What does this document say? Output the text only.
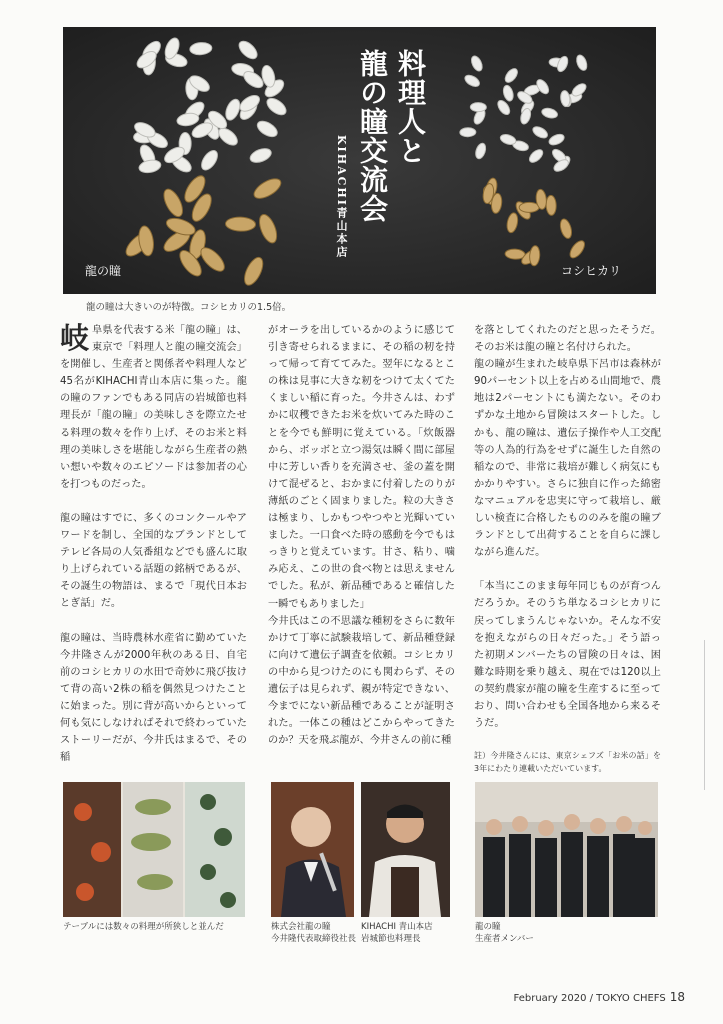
料理人と
龍の瞳交流会
KIHACHI青山本店
龍の瞳	コシヒカリ
龍の瞳は大きいのが特徴。コシヒカリの1.5倍。

岐阜県を代表する米「龍の瞳」は、東京で「料理人と龍の瞳交流会」を開催し、生産者と関係者や料理人など45名がKIHACHI青山本店に集った。龍の瞳のファンでもある同店の岩城節也料理長が「龍の瞳」の美味しさを際立たせる料理の数々を作り上げ、そのお米と料理の美味しさを堪能しながら生産者の熱い想いや数々のエピソードは参加者の心を打つものだった。

龍の瞳はすでに、多くのコンクールやアワードを制し、全国的なブランドとしてテレビ各局の人気番組などでも盛んに取り上げられている話題の銘柄であるが、その誕生の物語は、まるで「現代日本おとぎ話」だ。

龍の瞳は、当時農林水産省に勤めていた今井隆さんが2000年秋のある日、自宅前のコシヒカリの水田で奇妙に飛び抜けて背の高い2株の稲を偶然見つけたことに始まった。別に背が高いからといって何も気にしなければそれで終わっていたストーリーだが、今井氏はまるで、その稲

がオーラを出しているかのように感じて引き寄せられるままに、その稲の籾を持って帰って育ててみた。翌年になるとこの株は見事に大きな籾をつけて太くてたくましい稲に育った。今井さんは、わずかに収穫できたお米を炊いてみた時のことを今でも鮮明に覚えている。「炊飯器から、ボッボと立つ湯気は瞬く間に部屋中に芳しい香りを充満させ、釜の蓋を開けて混ぜると、おかまに付着したのりが薄紙のごとく固まりました。粒の大きさは極まり、しかもつやつやと光輝いていました。一口食べた時の感動を今でもはっきりと覚えています。甘さ、粘り、噛み応え、この世の食べ物とは思えませんでした。私が、新品種であると確信した一瞬でもありました」

今井氏はこの不思議な種籾をさらに数年かけて丁寧に試験栽培して、新品種登録に向けて遺伝子調査を依頼。コシヒカリの中から見つけたのにも関わらず、その遺伝子は見られず、親が特定できない、今までにない新品種であることが証明された。一体この種はどこからやってきたのか？天を飛ぶ龍が、今井さんの前に種

を落としてくれたのだと思ったそうだ。そのお米は龍の瞳と名付けられた。

龍の瞳が生まれた岐阜県下呂市は森林が90パーセント以上を占める山間地で、農地は2パーセントにも満たない。そのわずかな土地から冒険はスタートした。しかも、龍の瞳は、遺伝子操作や人工交配等の人為的行為をせずに誕生した自然の稲なので、非常に栽培が難しく病気にもかかりやすい。さらに独自に作った綿密なマニュアルを忠実に守って栽培し、厳しい検査に合格したもののみを龍の瞳ブランドとして出荷することを自らに課しながら進んだ。

「本当にこのまま毎年同じものが育つんだろうか。そのうち単なるコシヒカリに戻ってしまうんじゃないか。そんな不安を抱えながらの日々だった。」そう語った初期メンバーたちの冒険の日々は、困難な時期を乗り越え、現在では120以上の契約農家が龍の瞳を生産するに至っており、問い合わせも全国各地から来るそうだ。

註）今井隆さんには、東京シェフズ「お米の話」を3年にわたり連載いただいています。

テーブルには数々の料理が所狭しと並んだ	株式会社龍の瞳
今井隆代表取締役社長
KIHACHI 青山本店
岩城節也料理長
龍の瞳
生産者メンバー
February 2020 / TOKYO CHEFS 18
